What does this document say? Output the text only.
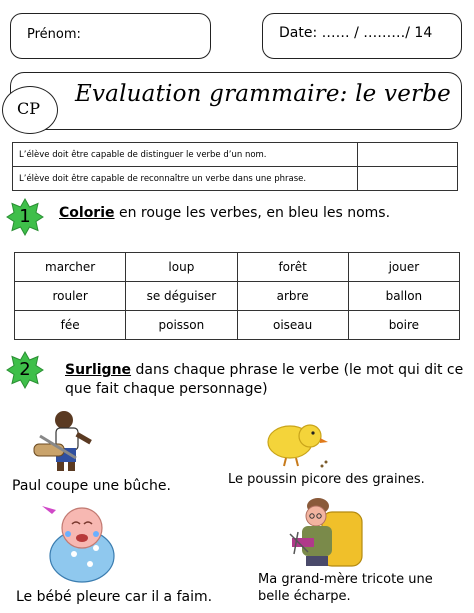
Prénom:	Date: …… / ………/ 14
Evaluation grammaire: le verbe
CP
L’élève doit être capable de distinguer le verbe d’un nom.	
L’élève doit être capable de reconnaître un verbe dans une phrase.	
1	Colorie en rouge les verbes, en bleu les noms.
marcher	loup	forêt	jouer
rouler	se déguiser	arbre	ballon
fée	poisson	oiseau	boire
2	Surligne dans chaque phrase le verbe (le mot qui dit ce que fait chaque personnage)
Paul coupe une bûche.	Le poussin picore des graines.
Le bébé pleure car il a faim.
Ma grand-mère tricote une belle écharpe.
